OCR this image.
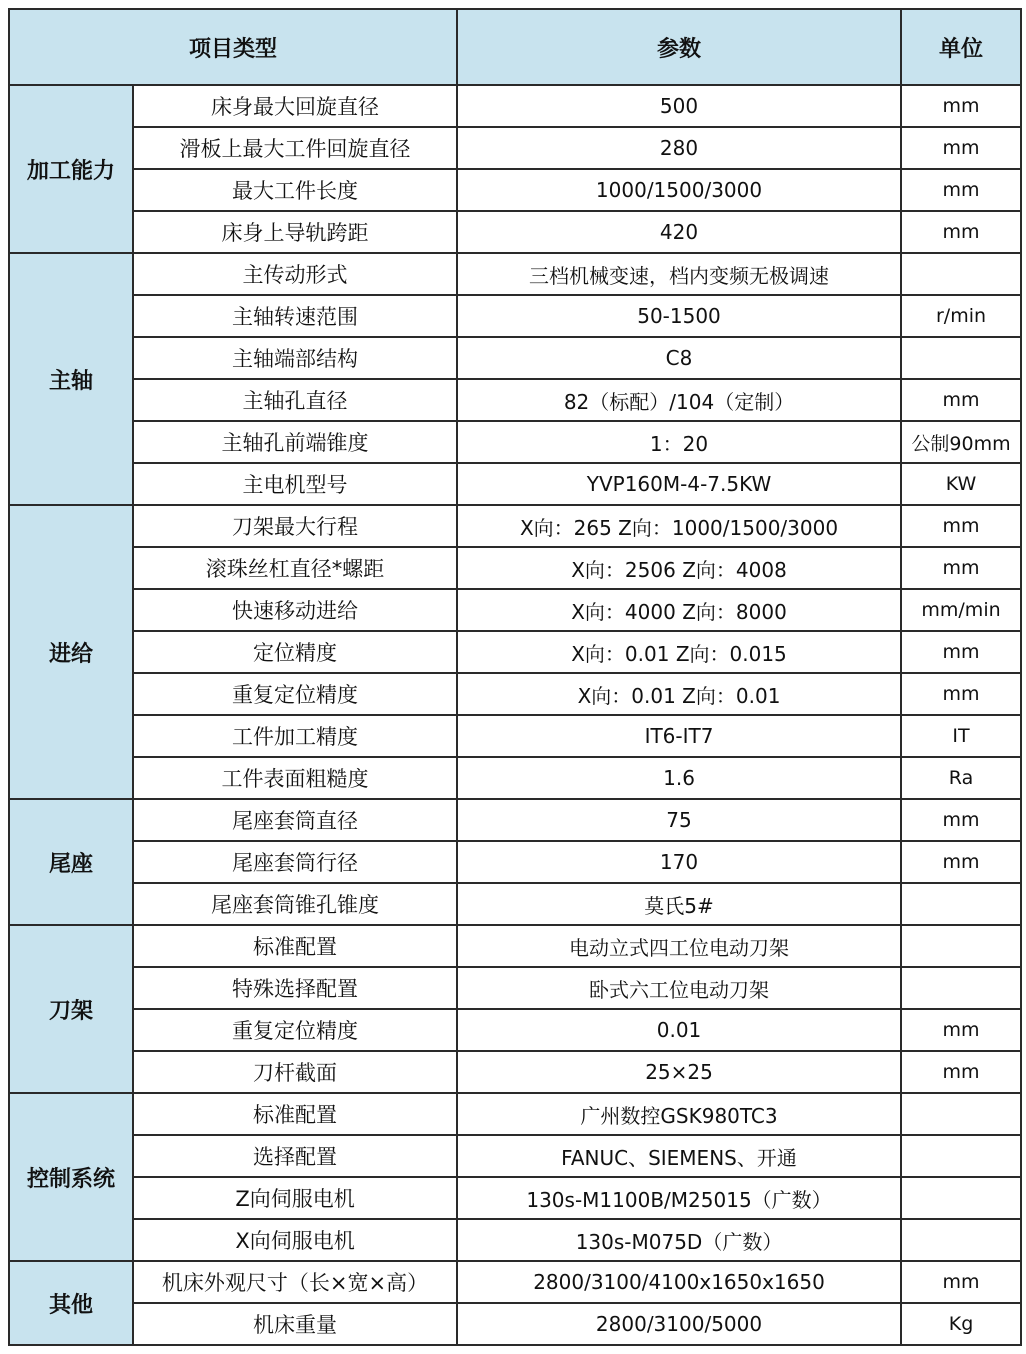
项目类型		参数	单位
加工能力	床身最大回旋直径	500	mm
	滑板上最大工件回旋直径	280	mm
	最大工件长度	1000/1500/3000	mm
	床身上导轨跨距	420	mm
主轴	主传动形式	三档机械变速，档内变频无极调速	
	主轴转速范围	50-1500	r/min
	主轴端部结构	C8	
	主轴孔直径	82（标配）/104（定制）	mm
	主轴孔前端锥度	1：20	公制90mm
	主电机型号	YVP160M-4-7.5KW	KW
进给	刀架最大行程	X向：265 Z向：1000/1500/3000	mm
	滚珠丝杠直径*螺距	X向：2506 Z向：4008	mm
	快速移动进给	X向：4000 Z向：8000	mm/min
	定位精度	X向：0.01 Z向：0.015	mm
	重复定位精度	X向：0.01 Z向：0.01	mm
	工件加工精度	IT6-IT7	IT
	工件表面粗糙度	1.6	Ra
尾座	尾座套筒直径	75	mm
	尾座套筒行径	170	mm
	尾座套筒锥孔锥度	莫氏5#	
刀架	标准配置	电动立式四工位电动刀架	
	特殊选择配置	卧式六工位电动刀架	
	重复定位精度	0.01	mm
	刀杆截面	25×25	mm
控制系统	标准配置	广州数控GSK980TC3	
	选择配置	FANUC、SIEMENS、开通	
	Z向伺服电机	130s-M1100B/M25015（广数）	
	X向伺服电机	130s-M075D（广数）	
其他	机床外观尺寸（长×宽×高）	2800/3100/4100x1650x1650	mm
	机床重量	2800/3100/5000	Kg
